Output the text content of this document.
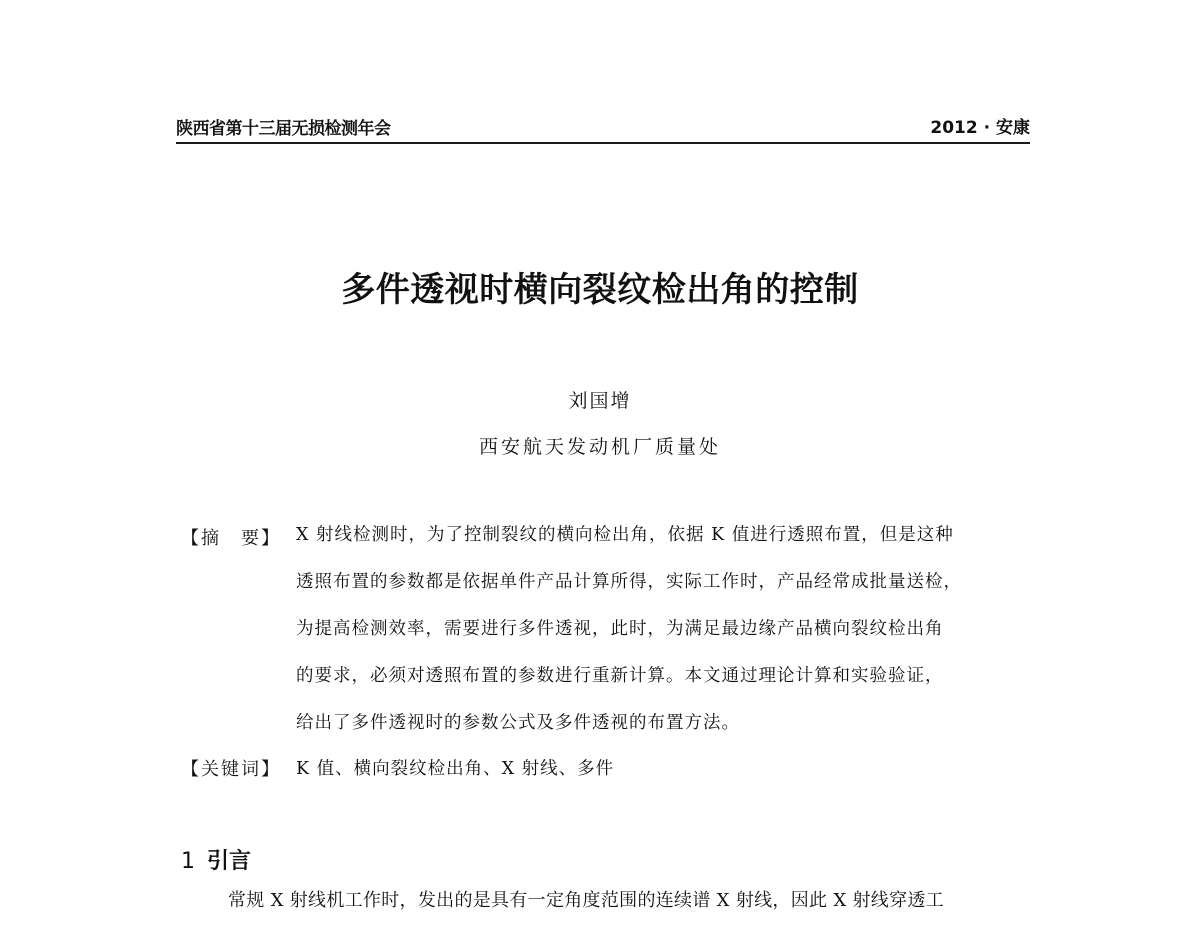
陕西省第十三届无损检测年会	2012 · 安康
多件透视时横向裂纹检出角的控制
刘国增
西安航天发动机厂质量处
【摘　要】 X 射线检测时，为了控制裂纹的横向检出角，依据 K 值进行透照布置，但是这种
透照布置的参数都是依据单件产品计算所得，实际工作时，产品经常成批量送检，
为提高检测效率，需要进行多件透视，此时，为满足最边缘产品横向裂纹检出角
的要求，必须对透照布置的参数进行重新计算。本文通过理论计算和实验验证，
给出了多件透视时的参数公式及多件透视的布置方法。
【关键词】 K 值、横向裂纹检出角、X 射线、多件
1 引言
常规 X 射线机工作时，发出的是具有一定角度范围的连续谱 X 射线，因此 X 射线穿透工
